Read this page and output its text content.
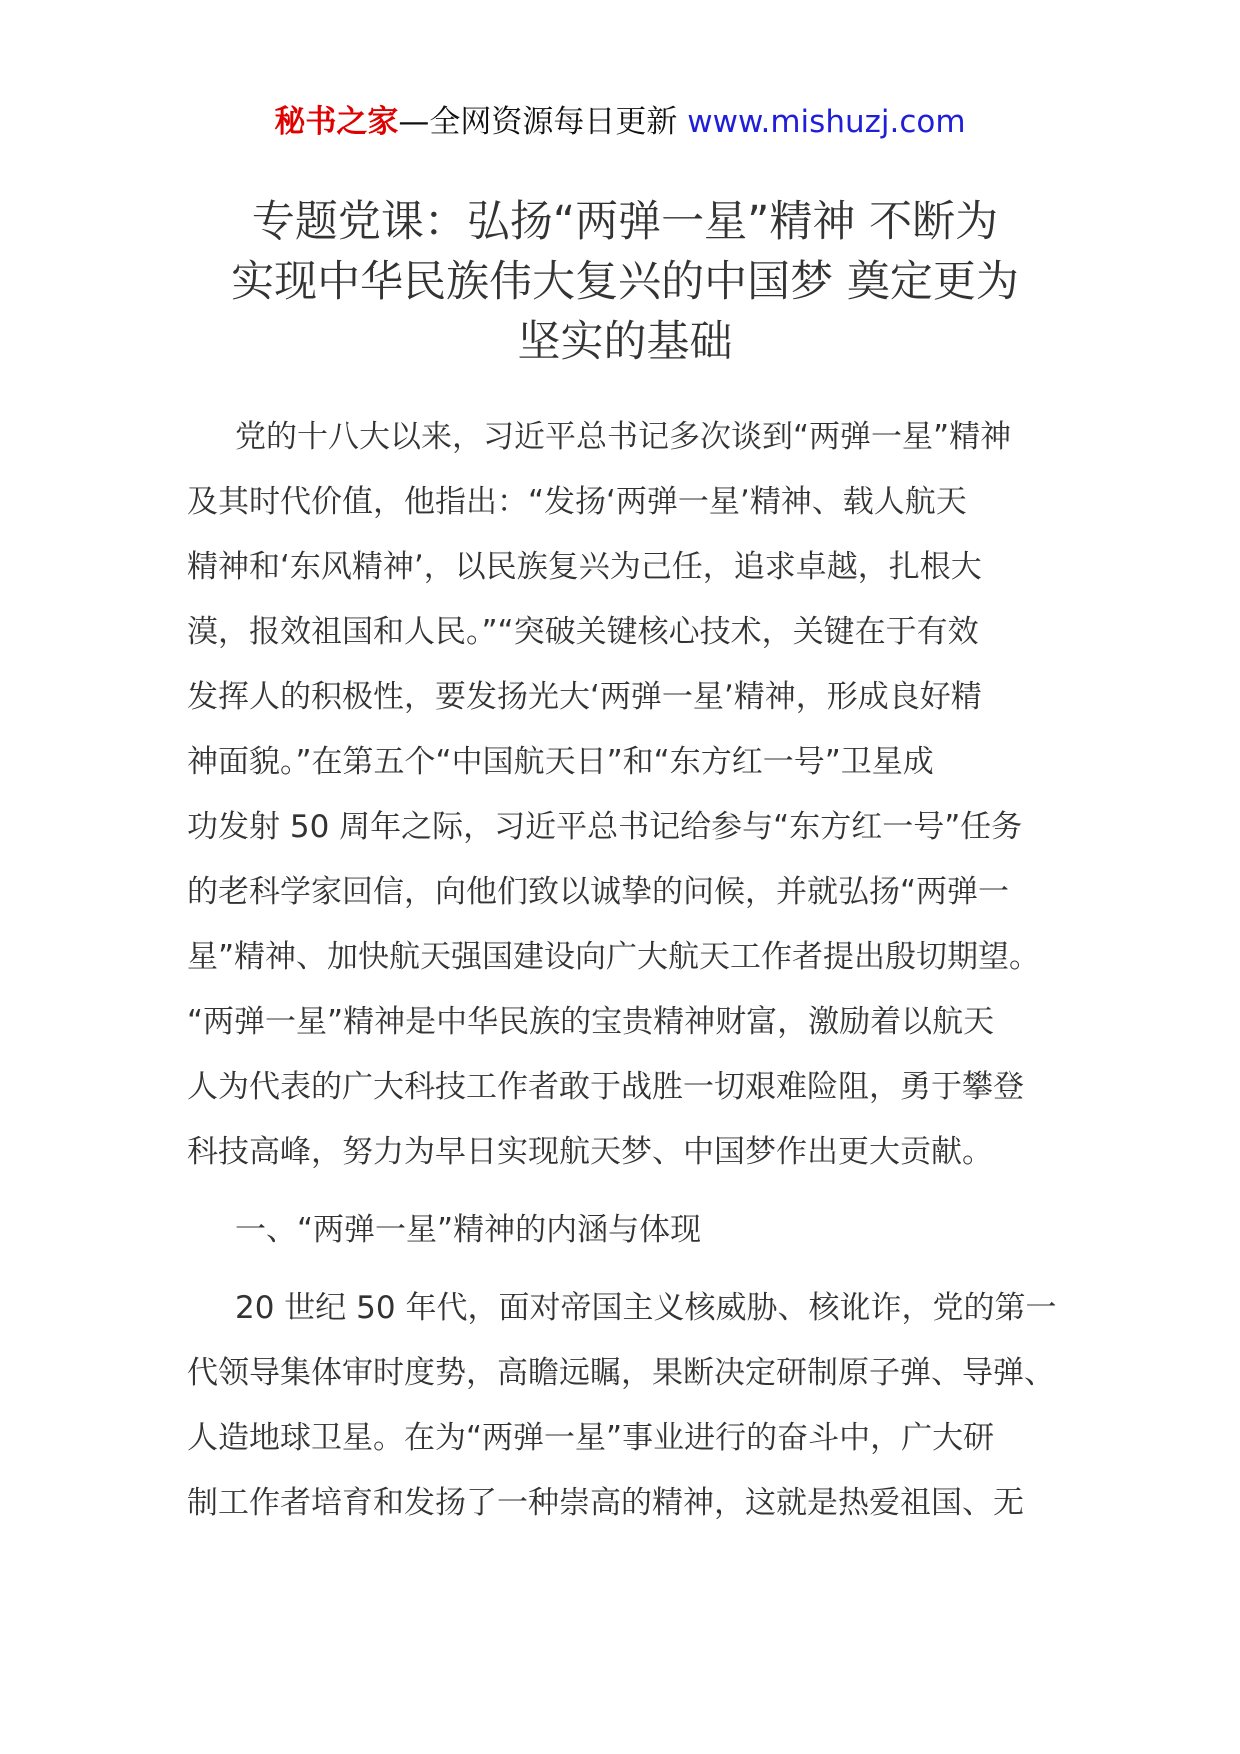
秘书之家—全网资源每日更新 www.mishuzj.com
专题党课：弘扬“两弹一星”精神 不断为
实现中华民族伟大复兴的中国梦 奠定更为
坚实的基础
党的十八大以来，习近平总书记多次谈到“两弹一星”精神
及其时代价值，他指出：“发扬‘两弹一星’精神、载人航天
精神和‘东风精神’，以民族复兴为己任，追求卓越，扎根大
漠，报效祖国和人民。”“突破关键核心技术，关键在于有效
发挥人的积极性，要发扬光大‘两弹一星’精神，形成良好精
神面貌。”在第五个“中国航天日”和“东方红一号”卫星成
功发射 50 周年之际，习近平总书记给参与“东方红一号”任务
的老科学家回信，向他们致以诚挚的问候，并就弘扬“两弹一
星”精神、加快航天强国建设向广大航天工作者提出殷切期望。
“两弹一星”精神是中华民族的宝贵精神财富，激励着以航天
人为代表的广大科技工作者敢于战胜一切艰难险阻，勇于攀登
科技高峰，努力为早日实现航天梦、中国梦作出更大贡献。
一、“两弹一星”精神的内涵与体现
20 世纪 50 年代，面对帝国主义核威胁、核讹诈，党的第一
代领导集体审时度势，高瞻远瞩，果断决定研制原子弹、导弹、
人造地球卫星。在为“两弹一星”事业进行的奋斗中，广大研
制工作者培育和发扬了一种崇高的精神，这就是热爱祖国、无
